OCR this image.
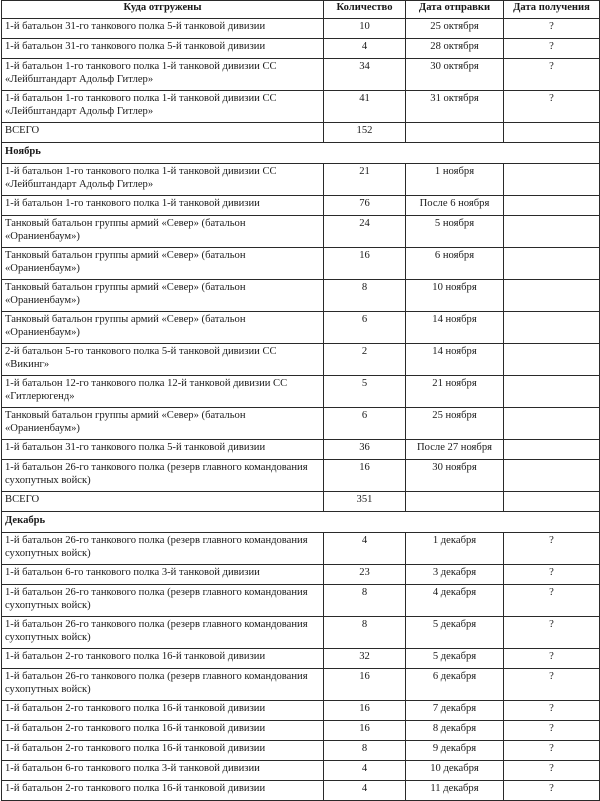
Куда отгружены	Количество	Дата отправки	Дата получения
1-й батальон 31-го танкового полка 5-й танковой дивизии	10	25 октября	?
1-й батальон 31-го танкового полка 5-й танковой дивизии	4	28 октября	?
1-й батальон 1-го танкового полка 1-й танковой дивизии СС «Лейбштандарт Адольф Гитлер»	34	30 октября	?
1-й батальон 1-го танкового полка 1-й танковой дивизии СС «Лейбштандарт Адольф Гитлер»	41	31 октября	?
ВСЕГО	152		
Ноябрь			
1-й батальон 1-го танкового полка 1-й танковой дивизии СС «Лейбштандарт Адольф Гитлер»	21	1 ноября	
1-й батальон 1-го танкового полка 1-й танковой дивизии	76	После 6 ноября	
Танковый батальон группы армий «Север» (батальон «Ораниенбаум»)	24	5 ноября	
Танковый батальон группы армий «Север» (батальон «Ораниенбаум»)	16	6 ноября	
Танковый батальон группы армий «Север» (батальон «Ораниенбаум»)	8	10 ноября	
Танковый батальон группы армий «Север» (батальон «Ораниенбаум»)	6	14 ноября	
2-й батальон 5-го танкового полка 5-й танковой дивизии СС «Викинг»	2	14 ноября	
1-й батальон 12-го танкового полка 12-й танковой дивизии СС «Гитлерюгенд»	5	21 ноября	
Танковый батальон группы армий «Север» (батальон «Ораниенбаум»)	6	25 ноября	
1-й батальон 31-го танкового полка 5-й танковой дивизии	36	После 27 ноября	
1-й батальон 26-го танкового полка (резерв главного командования сухопутных войск)	16	30 ноября	
ВСЕГО	351		
Декабрь			
1-й батальон 26-го танкового полка (резерв главного командования сухопутных войск)	4	1 декабря	?
1-й батальон 6-го танкового полка 3-й танковой дивизии	23	3 декабря	?
1-й батальон 26-го танкового полка (резерв главного командования сухопутных войск)	8	4 декабря	?
1-й батальон 26-го танкового полка (резерв главного командования сухопутных войск)	8	5 декабря	?
1-й батальон 2-го танкового полка 16-й танковой дивизии	32	5 декабря	?
1-й батальон 26-го танкового полка (резерв главного командования сухопутных войск)	16	6 декабря	?
1-й батальон 2-го танкового полка 16-й танковой дивизии	16	7 декабря	?
1-й батальон 2-го танкового полка 16-й танковой дивизии	16	8 декабря	?
1-й батальон 2-го танкового полка 16-й танковой дивизии	8	9 декабря	?
1-й батальон 6-го танкового полка 3-й танковой дивизии	4	10 декабря	?
1-й батальон 2-го танкового полка 16-й танковой дивизии	4	11 декабря	?
